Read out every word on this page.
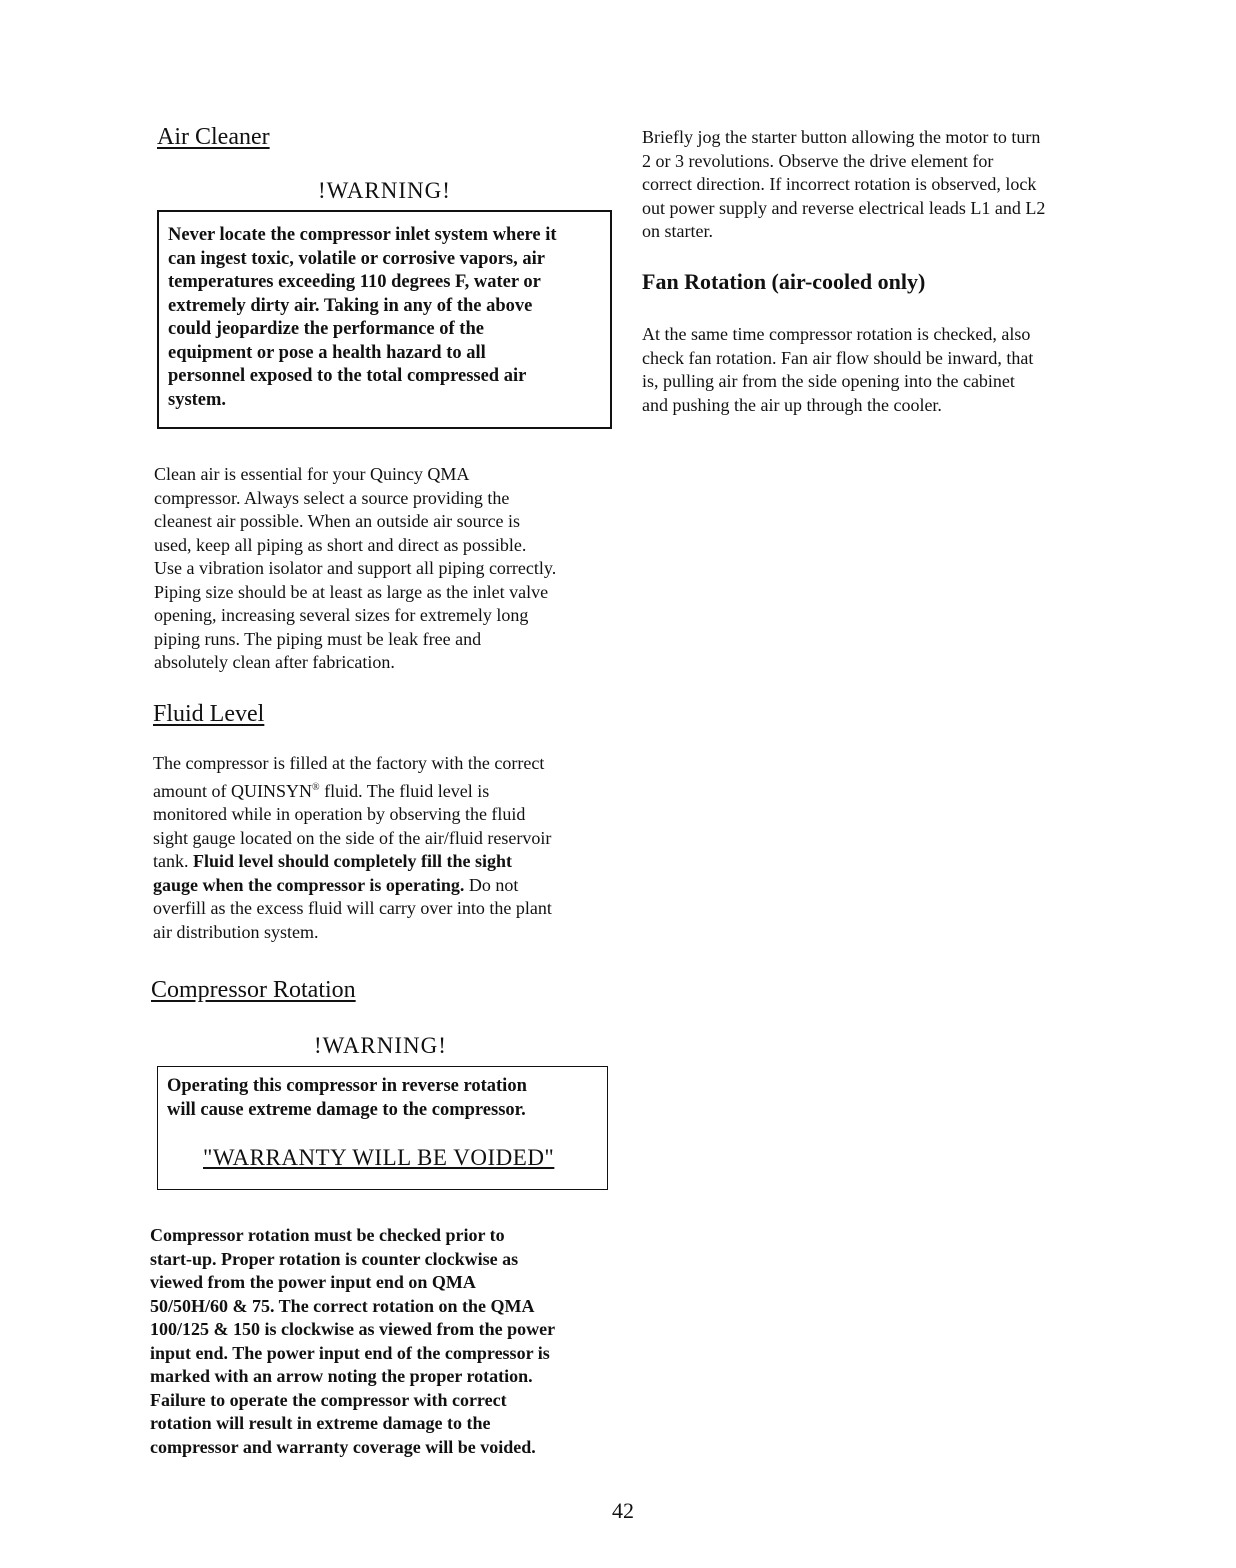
Air Cleaner
!WARNING!
Never locate the compressor inlet system where it
can ingest toxic, volatile or corrosive vapors, air
temperatures exceeding 110 degrees F, water or
extremely dirty air. Taking in any of the above
could jeopardize the performance of the
equipment or pose a health hazard to all
personnel exposed to the total compressed air
system.
Clean air is essential for your Quincy QMA
compressor. Always select a source providing the
cleanest air possible. When an outside air source is
used, keep all piping as short and direct as possible.
Use a vibration isolator and support all piping correctly.
Piping size should be at least as large as the inlet valve
opening, increasing several sizes for extremely long
piping runs. The piping must be leak free and
absolutely clean after fabrication.
Fluid Level
The compressor is filled at the factory with the correct
amount of QUINSYN® fluid. The fluid level is
monitored while in operation by observing the fluid
sight gauge located on the side of the air/fluid reservoir
tank. Fluid level should completely fill the sight
gauge when the compressor is operating. Do not
overfill as the excess fluid will carry over into the plant
air distribution system.
Compressor Rotation
!WARNING!
Operating this compressor in reverse rotation
will cause extreme damage to the compressor.
"WARRANTY WILL BE VOIDED"
Compressor rotation must be checked prior to
start-up. Proper rotation is counter clockwise as
viewed from the power input end on QMA
50/50H/60 & 75. The correct rotation on the QMA
100/125 & 150 is clockwise as viewed from the power
input end. The power input end of the compressor is
marked with an arrow noting the proper rotation.
Failure to operate the compressor with correct
rotation will result in extreme damage to the
compressor and warranty coverage will be voided.
Briefly jog the starter button allowing the motor to turn
2 or 3 revolutions. Observe the drive element for
correct direction. If incorrect rotation is observed, lock
out power supply and reverse electrical leads L1 and L2
on starter.
Fan Rotation (air-cooled only)
At the same time compressor rotation is checked, also
check fan rotation. Fan air flow should be inward, that
is, pulling air from the side opening into the cabinet
and pushing the air up through the cooler.
42
